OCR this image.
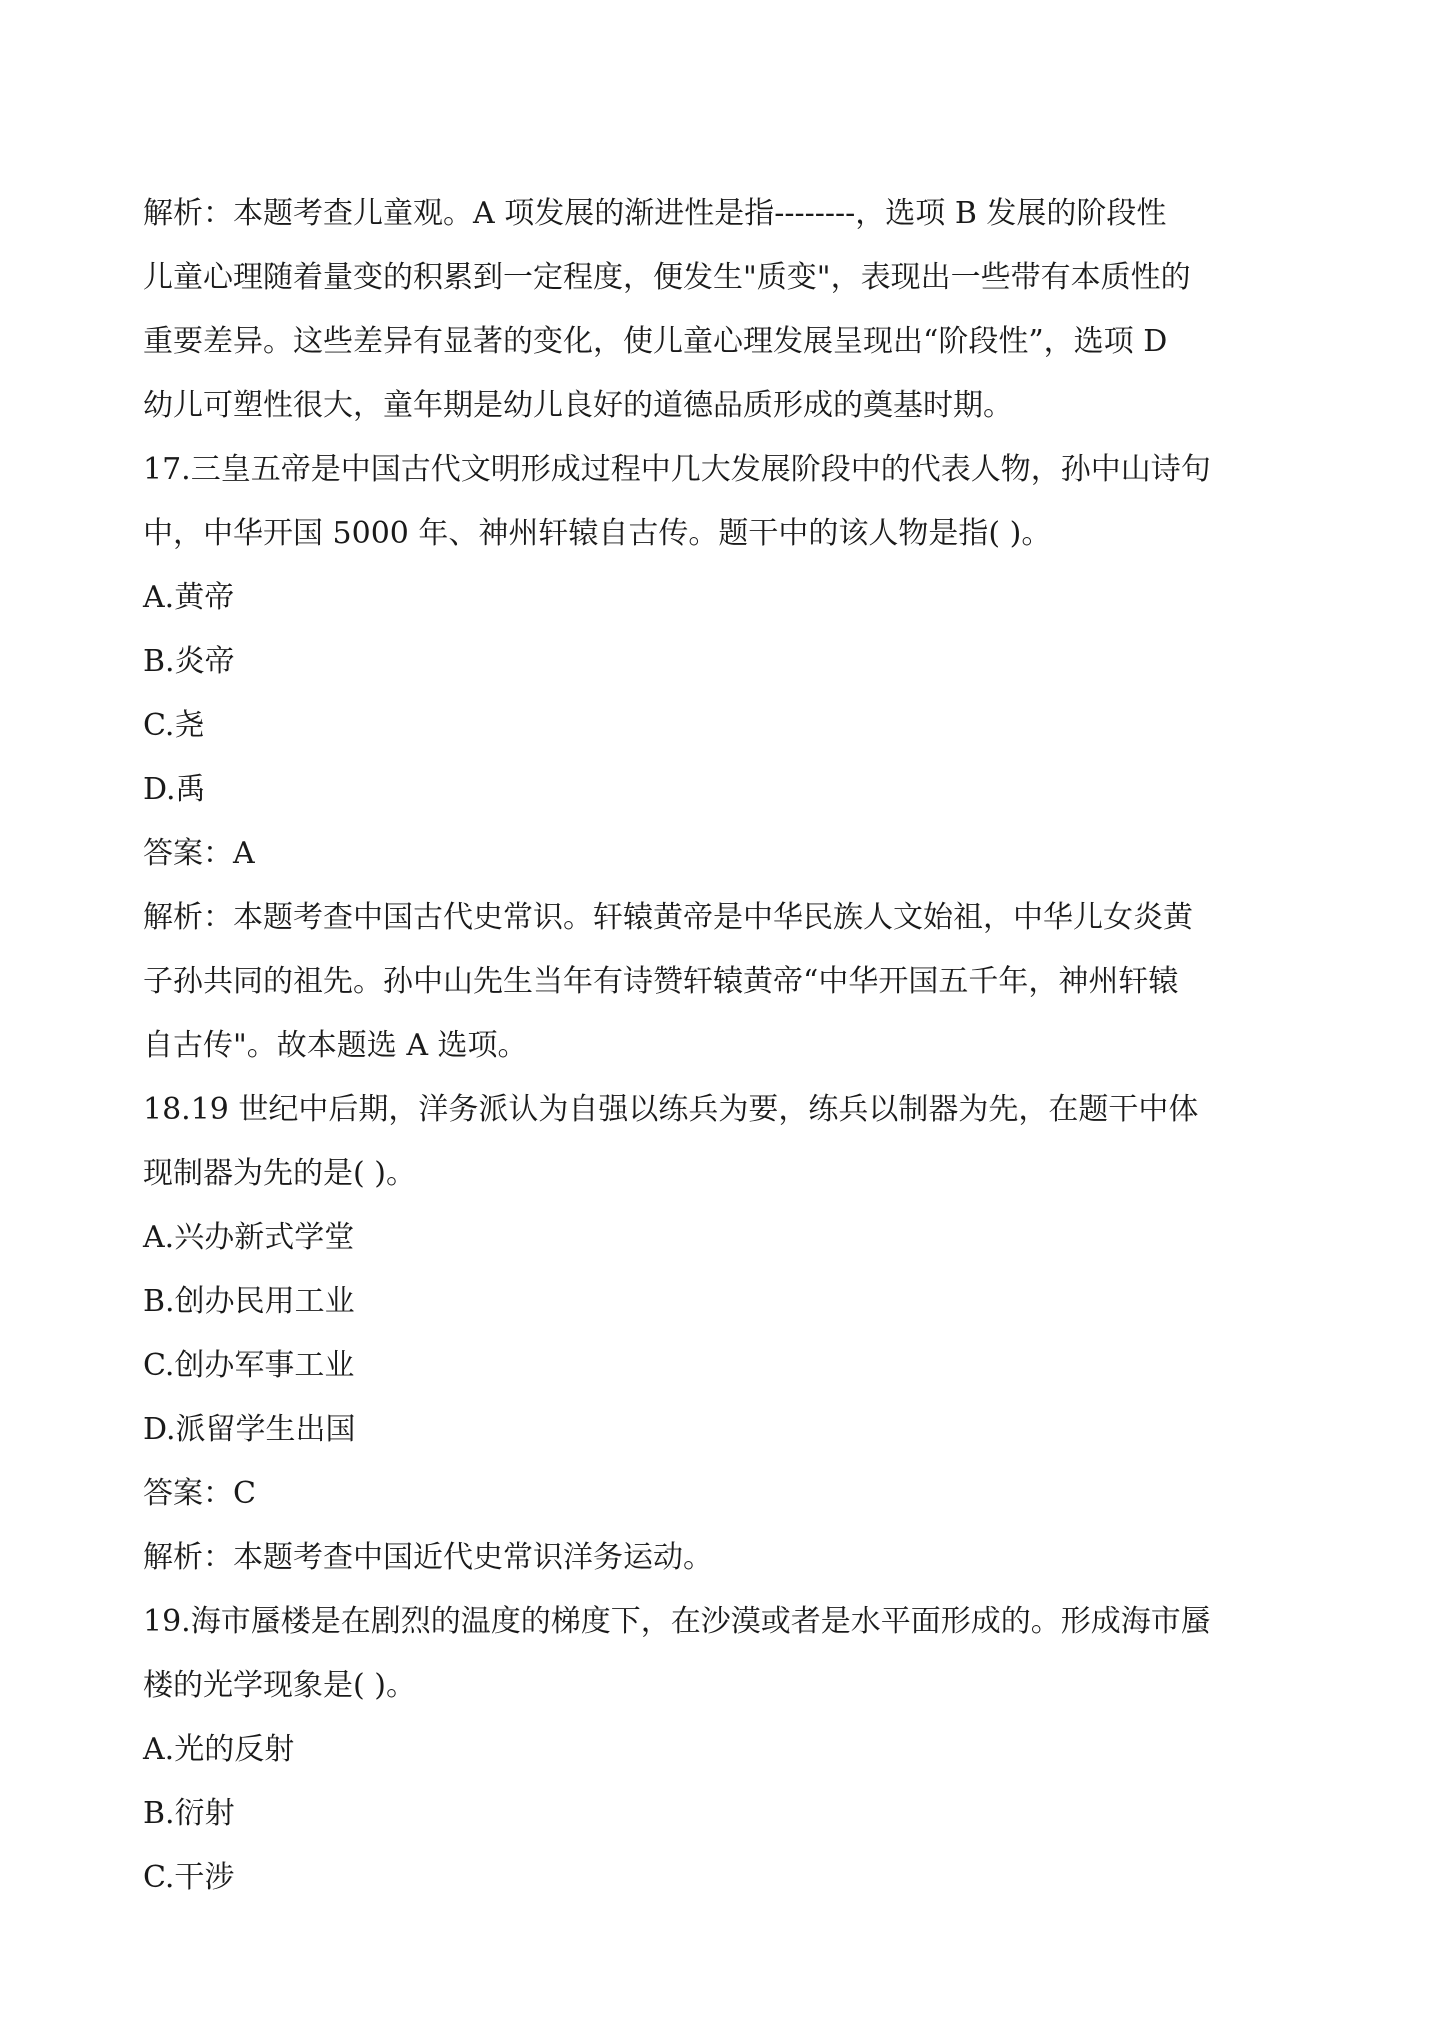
解析：本题考查儿童观。A 项发展的渐进性是指--------，选项 B 发展的阶段性

儿童心理随着量变的积累到一定程度，便发生"质变"，表现出一些带有本质性的

重要差异。这些差异有显著的变化，使儿童心理发展呈现出“阶段性”，选项 D

幼儿可塑性很大，童年期是幼儿良好的道德品质形成的奠基时期。

17.三皇五帝是中国古代文明形成过程中几大发展阶段中的代表人物，孙中山诗句

中，中华开国 5000 年、神州轩辕自古传。题干中的该人物是指( )。

A.黄帝

B.炎帝

C.尧

D.禹

答案：A

解析：本题考查中国古代史常识。轩辕黄帝是中华民族人文始祖，中华儿女炎黄

子孙共同的祖先。孙中山先生当年有诗赞轩辕黄帝“中华开国五千年，神州轩辕

自古传"。故本题选 A 选项。

18.19 世纪中后期，洋务派认为自强以练兵为要，练兵以制器为先，在题干中体

现制器为先的是( )。

A.兴办新式学堂

B.创办民用工业

C.创办军事工业

D.派留学生出国

答案：C

解析：本题考查中国近代史常识洋务运动。

19.海市蜃楼是在剧烈的温度的梯度下，在沙漠或者是水平面形成的。形成海市蜃

楼的光学现象是( )。

A.光的反射

B.衍射

C.干涉
